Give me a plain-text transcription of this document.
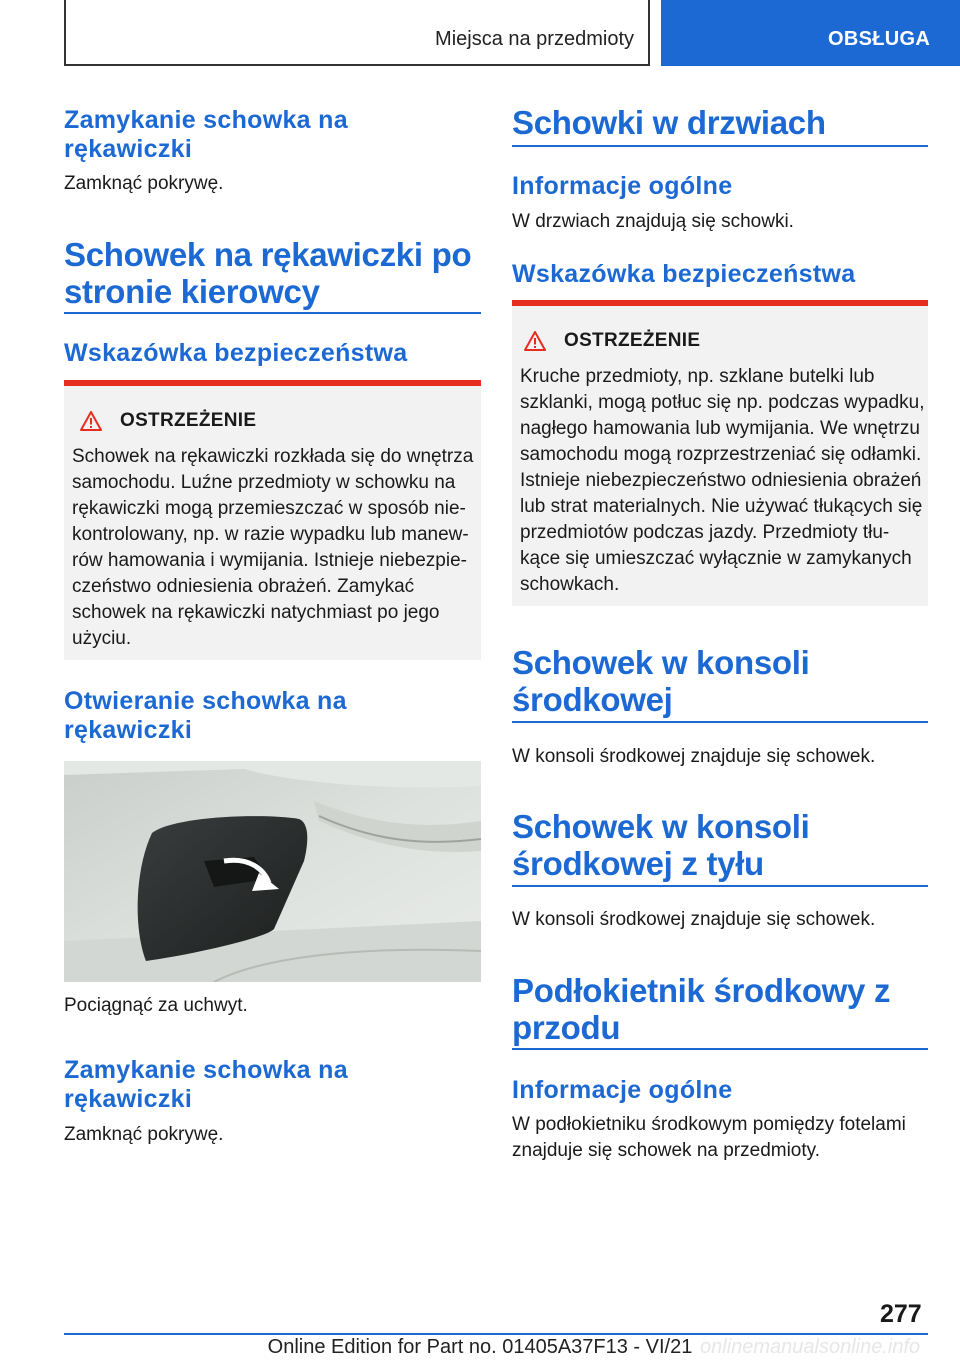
Miejsca na przedmioty	OBSŁUGA
Zamykanie schowka na
rękawiczki
Zamknąć pokrywę.
Schowek na rękawiczki po
stronie kierowcy
Wskazówka bezpieczeństwa
OSTRZEŻENIE
Schowek na rękawiczki rozkłada się do wnętrza
samochodu. Luźne przedmioty w schowku na
rękawiczki mogą przemieszczać w sposób nie-
kontrolowany, np. w razie wypadku lub manew-
rów hamowania i wymijania. Istnieje niebezpie-
czeństwo odniesienia obrażeń. Zamykać
schowek na rękawiczki natychmiast po jego
użyciu.
Otwieranie schowka na
rękawiczki
Pociągnąć za uchwyt.
Zamykanie schowka na
rękawiczki
Zamknąć pokrywę.
Schowki w drzwiach
Informacje ogólne
W drzwiach znajdują się schowki.
Wskazówka bezpieczeństwa
OSTRZEŻENIE
Kruche przedmioty, np. szklane butelki lub
szklanki, mogą potłuc się np. podczas wypadku,
nagłego hamowania lub wymijania. We wnętrzu
samochodu mogą rozprzestrzeniać się odłamki.
Istnieje niebezpieczeństwo odniesienia obrażeń
lub strat materialnych. Nie używać tłukących się
przedmiotów podczas jazdy. Przedmioty tłu-
kące się umieszczać wyłącznie w zamykanych
schowkach.
Schowek w konsoli
środkowej
W konsoli środkowej znajduje się schowek.
Schowek w konsoli
środkowej z tyłu
W konsoli środkowej znajduje się schowek.
Podłokietnik środkowy z
przodu
Informacje ogólne
W podłokietniku środkowym pomiędzy fotelami
znajduje się schowek na przedmioty.
277
Online Edition for Part no. 01405A37F13 - VI/21 onlinemanualsonline.info
